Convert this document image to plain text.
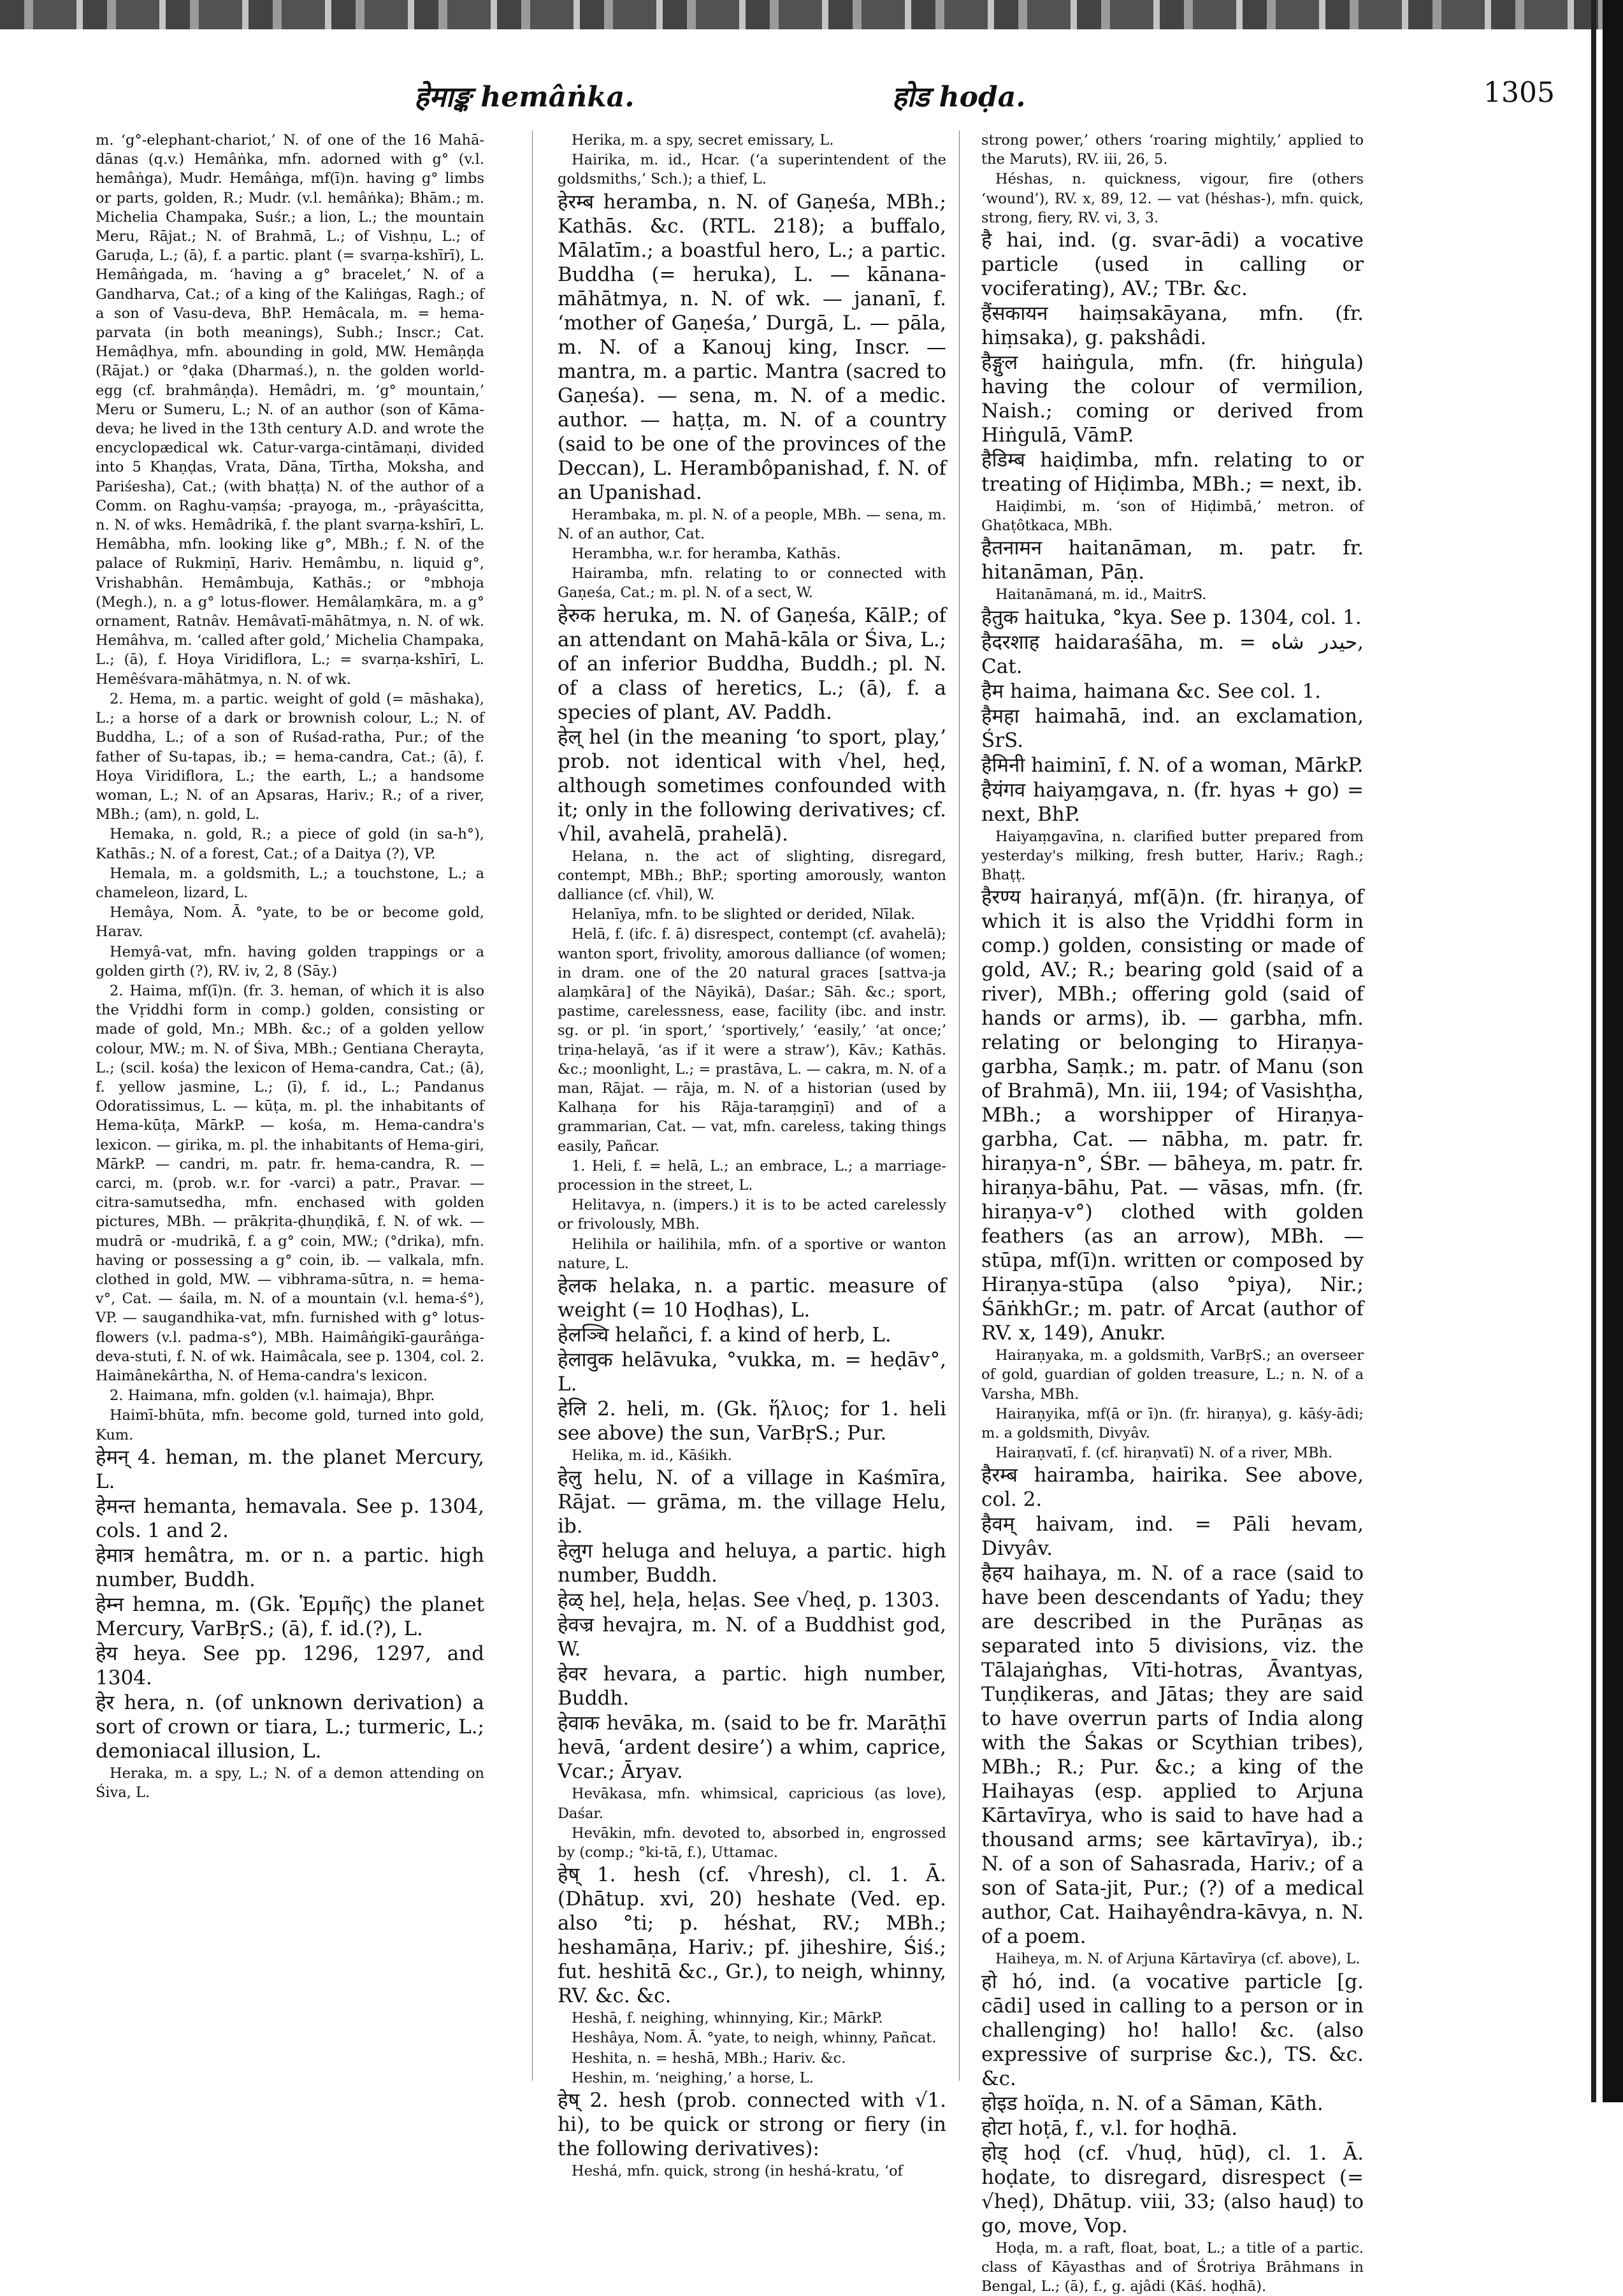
हेमाङ्क hemâṅka.	होड hoḍa.	1305

m. ‘g°-elephant-chariot,’ N. of one of the 16 Mahā-dānas (q.v.) Hemâṅka, mfn. adorned with g° (v.l. hemâṅga), Mudr. Hemâṅga, mf(ī)n. having g° limbs or parts, golden, R.; Mudr. (v.l. hemâṅka); Bhām.; m. Michelia Champaka, Suśr.; a lion, L.; the mountain Meru, Rājat.; N. of Brahmā, L.; of Vishṇu, L.; of Garuḍa, L.; (ā), f. a partic. plant (= svarṇa-kshīrī), L. Hemâṅgada, m. ‘having a g° bracelet,’ N. of a Gandharva, Cat.; of a king of the Kaliṅgas, Ragh.; of a son of Vasu-deva, BhP. Hemâcala, m. = hema-parvata (in both meanings), Subh.; Inscr.; Cat. Hemâḍhya, mfn. abounding in gold, MW. Hemâṇḍa (Rājat.) or °ḍaka (Dharmaś.), n. the golden world-egg (cf. brahmâṇḍa). Hemâdri, m. ‘g° mountain,’ Meru or Sumeru, L.; N. of an author (son of Kāma-deva; he lived in the 13th century A.D. and wrote the encyclopædical wk. Catur-varga-cintāmaṇi, divided into 5 Khaṇḍas, Vrata, Dāna, Tīrtha, Moksha, and Pariśesha), Cat.; (with bhaṭṭa) N. of the author of a Comm. on Raghu-vaṃśa; -prayoga, m., -prâyaścitta, n. N. of wks. Hemâdrikā, f. the plant svarṇa-kshīrī, L. Hemâbha, mfn. looking like g°, MBh.; f. N. of the palace of Rukmiṇī, Hariv. Hemâmbu, n. liquid g°, Vrishabhân. Hemâmbuja, Kathās.; or °mbhoja (Megh.), n. a g° lotus-flower. Hemâlaṃkāra, m. a g° ornament, Ratnâv. Hemâvatī-māhātmya, n. N. of wk. Hemâhva, m. ‘called after gold,’ Michelia Champaka, L.; (ā), f. Hoya Viridiflora, L.; = svarṇa-kshīrī, L. Hemêśvara-māhātmya, n. N. of wk.

2. Hema, m. a partic. weight of gold (= māshaka), L.; a horse of a dark or brownish colour, L.; N. of Buddha, L.; of a son of Ruśad-ratha, Pur.; of the father of Su-tapas, ib.; = hema-candra, Cat.; (ā), f. Hoya Viridiflora, L.; the earth, L.; a handsome woman, L.; N. of an Apsaras, Hariv.; R.; of a river, MBh.; (am), n. gold, L.

Hemaka, n. gold, R.; a piece of gold (in sa-h°), Kathās.; N. of a forest, Cat.; of a Daitya (?), VP.

Hemala, m. a goldsmith, L.; a touchstone, L.; a chameleon, lizard, L.

Hemâya, Nom. Ā. °yate, to be or become gold, Harav.

Hemyâ-vat, mfn. having golden trappings or a golden girth (?), RV. iv, 2, 8 (Sāy.)

2. Haima, mf(ī)n. (fr. 3. heman, of which it is also the Vṛiddhi form in comp.) golden, consisting or made of gold, Mn.; MBh. &c.; of a golden yellow colour, MW.; m. N. of Śiva, MBh.; Gentiana Cherayta, L.; (scil. kośa) the lexicon of Hema-candra, Cat.; (ā), f. yellow jasmine, L.; (ī), f. id., L.; Pandanus Odoratissimus, L. — kūṭa, m. pl. the inhabitants of Hema-kūṭa, MārkP. — kośa, m. Hema-candra's lexicon. — girika, m. pl. the inhabitants of Hema-giri, MārkP. — candri, m. patr. fr. hema-candra, R. — carci, m. (prob. w.r. for -varci) a patr., Pravar. — citra-samutsedha, mfn. enchased with golden pictures, MBh. — prākṛita-ḍhuṇḍikā, f. N. of wk. — mudrā or -mudrikā, f. a g° coin, MW.; (°drika), mfn. having or possessing a g° coin, ib. — valkala, mfn. clothed in gold, MW. — vibhrama-sūtra, n. = hema-v°, Cat. — śaila, m. N. of a mountain (v.l. hema-ś°), VP. — saugandhika-vat, mfn. furnished with g° lotus-flowers (v.l. padma-s°), MBh. Haimâṅgikī-gaurâṅga-deva-stuti, f. N. of wk. Haimâcala, see p. 1304, col. 2. Haimânekârtha, N. of Hema-candra's lexicon.

2. Haimana, mfn. golden (v.l. haimaja), Bhpr.

Haimī-bhūta, mfn. become gold, turned into gold, Kum.

हेमन् 4. heman, m. the planet Mercury, L.

हेमन्त hemanta, hemavala. See p. 1304, cols. 1 and 2.

हेमात्र hemâtra, m. or n. a partic. high number, Buddh.

हेम्न hemna, m. (Gk. Ἑρμῆς) the planet Mercury, VarBṛS.; (ā), f. id.(?), L.

हेय heya. See pp. 1296, 1297, and 1304.

हेर hera, n. (of unknown derivation) a sort of crown or tiara, L.; turmeric, L.; demoniacal illusion, L.

Heraka, m. a spy, L.; N. of a demon attending on Śiva, L.

Herika, m. a spy, secret emissary, L.

Hairika, m. id., Hcar. (‘a superintendent of the goldsmiths,’ Sch.); a thief, L.

हेरम्ब heramba, n. N. of Gaṇeśa, MBh.; Kathās. &c. (RTL. 218); a buffalo, Mālatīm.; a boastful hero, L.; a partic. Buddha (= heruka), L. — kānana-māhātmya, n. N. of wk. — jananī, f. ‘mother of Gaṇeśa,’ Durgā, L. — pāla, m. N. of a Kanouj king, Inscr. — mantra, m. a partic. Mantra (sacred to Gaṇeśa). — sena, m. N. of a medic. author. — haṭṭa, m. N. of a country (said to be one of the provinces of the Deccan), L. Herambôpanishad, f. N. of an Upanishad.

Herambaka, m. pl. N. of a people, MBh. — sena, m. N. of an author, Cat.

Herambha, w.r. for heramba, Kathās.

Hairamba, mfn. relating to or connected with Gaṇeśa, Cat.; m. pl. N. of a sect, W.

हेरुक heruka, m. N. of Gaṇeśa, KālP.; of an attendant on Mahā-kāla or Śiva, L.; of an inferior Buddha, Buddh.; pl. N. of a class of heretics, L.; (ā), f. a species of plant, AV. Paddh.

हेल् hel (in the meaning ‘to sport, play,’ prob. not identical with √hel, heḍ, although sometimes confounded with it; only in the following derivatives; cf. √hil, avahelā, prahelā).

Helana, n. the act of slighting, disregard, contempt, MBh.; BhP.; sporting amorously, wanton dalliance (cf. √hil), W.

Helanīya, mfn. to be slighted or derided, Nīlak.

Helā, f. (ifc. f. ā) disrespect, contempt (cf. avahelā); wanton sport, frivolity, amorous dalliance (of women; in dram. one of the 20 natural graces [sattva-ja alaṃkāra] of the Nāyikā), Daśar.; Sāh. &c.; sport, pastime, carelessness, ease, facility (ibc. and instr. sg. or pl. ‘in sport,’ ‘sportively,’ ‘easily,’ ‘at once;’ triṇa-helayā, ‘as if it were a straw’), Kāv.; Kathās. &c.; moonlight, L.; = prastāva, L. — cakra, m. N. of a man, Rājat. — rāja, m. N. of a historian (used by Kalhaṇa for his Rāja-taraṃgiṇī) and of a grammarian, Cat. — vat, mfn. careless, taking things easily, Pañcar.

1. Heli, f. = helā, L.; an embrace, L.; a marriage-procession in the street, L.

Helitavya, n. (impers.) it is to be acted carelessly or frivolously, MBh.

Helihila or hailihila, mfn. of a sportive or wanton nature, L.

हेलक helaka, n. a partic. measure of weight (= 10 Hoḍhas), L.

हेलञ्चि helañci, f. a kind of herb, L.

हेलावुक helāvuka, °vukka, m. = heḍāv°, L.

हेलि 2. heli, m. (Gk. ἥλιος; for 1. heli see above) the sun, VarBṛS.; Pur.

Helika, m. id., Kāśikh.

हेलु helu, N. of a village in Kaśmīra, Rājat. — grāma, m. the village Helu, ib.

हेलुग heluga and heluya, a partic. high number, Buddh.

हेळ् heḷ, heḷa, heḷas. See √heḍ, p. 1303.

हेवज्र hevajra, m. N. of a Buddhist god, W.

हेवर hevara, a partic. high number, Buddh.

हेवाक hevāka, m. (said to be fr. Marāṭhī hevā, ‘ardent desire’) a whim, caprice, Vcar.; Āryav.

Hevākasa, mfn. whimsical, capricious (as love), Daśar.

Hevākin, mfn. devoted to, absorbed in, engrossed by (comp.; °ki-tā, f.), Uttamac.

हेष् 1. hesh (cf. √hresh), cl. 1. Ā. (Dhātup. xvi, 20) heshate (Ved. ep. also °ti; p. héshat, RV.; MBh.; heshamāṇa, Hariv.; pf. jiheshire, Śiś.; fut. heshitā &c., Gr.), to neigh, whinny, RV. &c. &c.

Heshā, f. neighing, whinnying, Kir.; MārkP.

Heshâya, Nom. Ā. °yate, to neigh, whinny, Pañcat.

Heshita, n. = heshā, MBh.; Hariv. &c.

Heshin, m. ‘neighing,’ a horse, L.

हेष् 2. hesh (prob. connected with √1. hi), to be quick or strong or fiery (in the following derivatives):

Heshá, mfn. quick, strong (in heshá-kratu, ‘of

strong power,’ others ‘roaring mightily,’ applied to the Maruts), RV. iii, 26, 5.

Héshas, n. quickness, vigour, fire (others ‘wound’), RV. x, 89, 12. — vat (héshas-), mfn. quick, strong, fiery, RV. vi, 3, 3.

है hai, ind. (g. svar-ādi) a vocative particle (used in calling or vociferating), AV.; TBr. &c.

हैंसकायन haiṃsakāyana, mfn. (fr. hiṃsaka), g. pakshâdi.

हैङ्गुल haiṅgula, mfn. (fr. hiṅgula) having the colour of vermilion, Naish.; coming or derived from Hiṅgulā, VāmP.

हैडिम्ब haiḍimba, mfn. relating to or treating of Hiḍimba, MBh.; = next, ib.

Haiḍimbi, m. ‘son of Hiḍimbā,’ metron. of Ghaṭôtkaca, MBh.

हैतनामन haitanāman, m. patr. fr. hitanāman, Pāṇ.

Haitanāmaná, m. id., MaitrS.

हैतुक haituka, °kya. See p. 1304, col. 1.

हैदरशाह haidaraśāha, m. = حیدر شاه, Cat.

हैम haima, haimana &c. See col. 1.

हैमहा haimahā, ind. an exclamation, ŚrS.

हैमिनी haiminī, f. N. of a woman, MārkP.

हैयंगव haiyaṃgava, n. (fr. hyas + go) = next, BhP.

Haiyaṃgavīna, n. clarified butter prepared from yesterday's milking, fresh butter, Hariv.; Ragh.; Bhaṭṭ.

हैरण्य hairaṇyá, mf(ā)n. (fr. hiraṇya, of which it is also the Vṛiddhi form in comp.) golden, consisting or made of gold, AV.; R.; bearing gold (said of a river), MBh.; offering gold (said of hands or arms), ib. — garbha, mfn. relating or belonging to Hiraṇya-garbha, Saṃk.; m. patr. of Manu (son of Brahmā), Mn. iii, 194; of Vasishṭha, MBh.; a worshipper of Hiraṇya-garbha, Cat. — nābha, m. patr. fr. hiraṇya-n°, ŚBr. — bāheya, m. patr. fr. hiraṇya-bāhu, Pat. — vāsas, mfn. (fr. hiraṇya-v°) clothed with golden feathers (as an arrow), MBh. — stūpa, mf(ī)n. written or composed by Hiraṇya-stūpa (also °piya), Nir.; ŚāṅkhGr.; m. patr. of Arcat (author of RV. x, 149), Anukr.

Hairaṇyaka, m. a goldsmith, VarBṛS.; an overseer of gold, guardian of golden treasure, L.; n. N. of a Varsha, MBh.

Hairaṇyika, mf(ā or ī)n. (fr. hiraṇya), g. kāśy-ādi; m. a goldsmith, Divyâv.

Hairaṇvatī, f. (cf. hiraṇvatī) N. of a river, MBh.

हैरम्ब hairamba, hairika. See above, col. 2.

हैवम् haivam, ind. = Pāli hevam, Divyâv.

हैहय haihaya, m. N. of a race (said to have been descendants of Yadu; they are described in the Purāṇas as separated into 5 divisions, viz. the Tālajaṅghas, Vīti-hotras, Āvantyas, Tuṇḍikeras, and Jātas; they are said to have overrun parts of India along with the Śakas or Scythian tribes), MBh.; R.; Pur. &c.; a king of the Haihayas (esp. applied to Arjuna Kārtavīrya, who is said to have had a thousand arms; see kārtavīrya), ib.; N. of a son of Sahasrada, Hariv.; of a son of Sata-jit, Pur.; (?) of a medical author, Cat. Haihayêndra-kāvya, n. N. of a poem.

Haiheya, m. N. of Arjuna Kārtavīrya (cf. above), L.

हो hó, ind. (a vocative particle [g. cādi] used in calling to a person or in challenging) ho! hallo! &c. (also expressive of surprise &c.), TS. &c. &c.

होइड hoïḍa, n. N. of a Sāman, Kāth.

होटा hoṭā, f., v.l. for hoḍhā.

होड् hoḍ (cf. √huḍ, hūḍ), cl. 1. Ā. hoḍate, to disregard, disrespect (= √heḍ), Dhātup. viii, 33; (also hauḍ) to go, move, Vop.

Hoḍa, m. a raft, float, boat, L.; a title of a partic. class of Kāyasthas and of Śrotriya Brāhmans in Bengal, L.; (ā), f., g. ajâdi (Kāś. hoḍhā).
